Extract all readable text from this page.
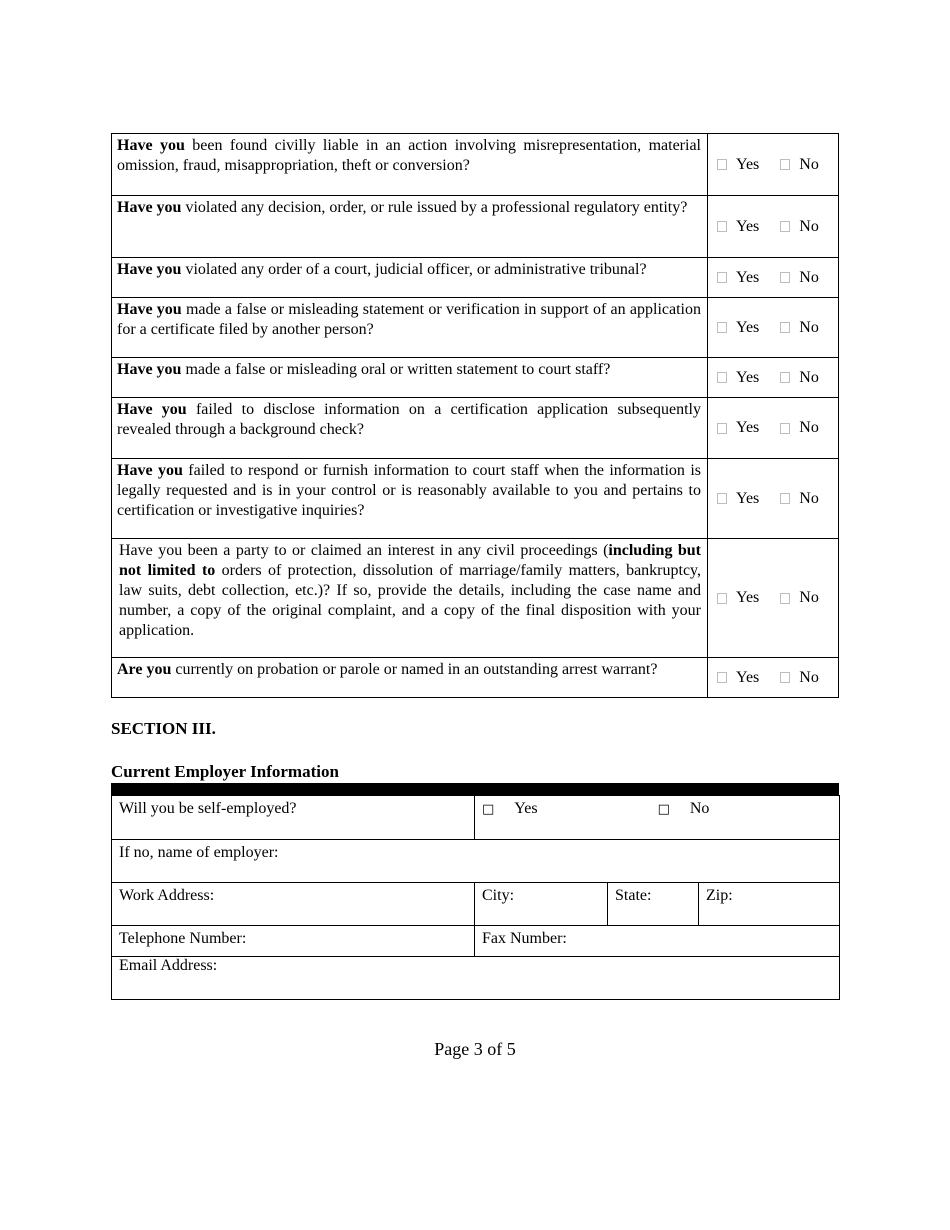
Have you been found civilly liable in an action involving misrepresentation, material omission, fraud, misappropriation, theft or conversion?	Yes No

Have you violated any decision, order, or rule issued by a professional regulatory entity?	Yes No

Have you violated any order of a court, judicial officer, or administrative tribunal?	Yes No

Have you made a false or misleading statement or verification in support of an application for a certificate filed by another person?	Yes No

Have you made a false or misleading oral or written statement to court staff?	Yes No

Have you failed to disclose information on a certification application subsequently revealed through a background check?	Yes No

Have you failed to respond or furnish information to court staff when the information is legally requested and is in your control or is reasonably available to you and pertains to certification or investigative inquiries?	Yes No

Have you been a party to or claimed an interest in any civil proceedings (including but not limited to orders of protection, dissolution of marriage/family matters, bankruptcy, law suits, debt collection, etc.)? If so, provide the details, including the case name and number, a copy of the original complaint, and a copy of the final disposition with your application.	Yes No

Are you currently on probation or parole or named in an outstanding arrest warrant?	Yes No
SECTION III.
Current Employer Information
Will you be self-employed?	□ Yes □ No		
If no, name of employer:			
Work Address:	City:	State:	Zip:
Telephone Number:	Fax Number:		
Email Address:			
Page 3 of 5
